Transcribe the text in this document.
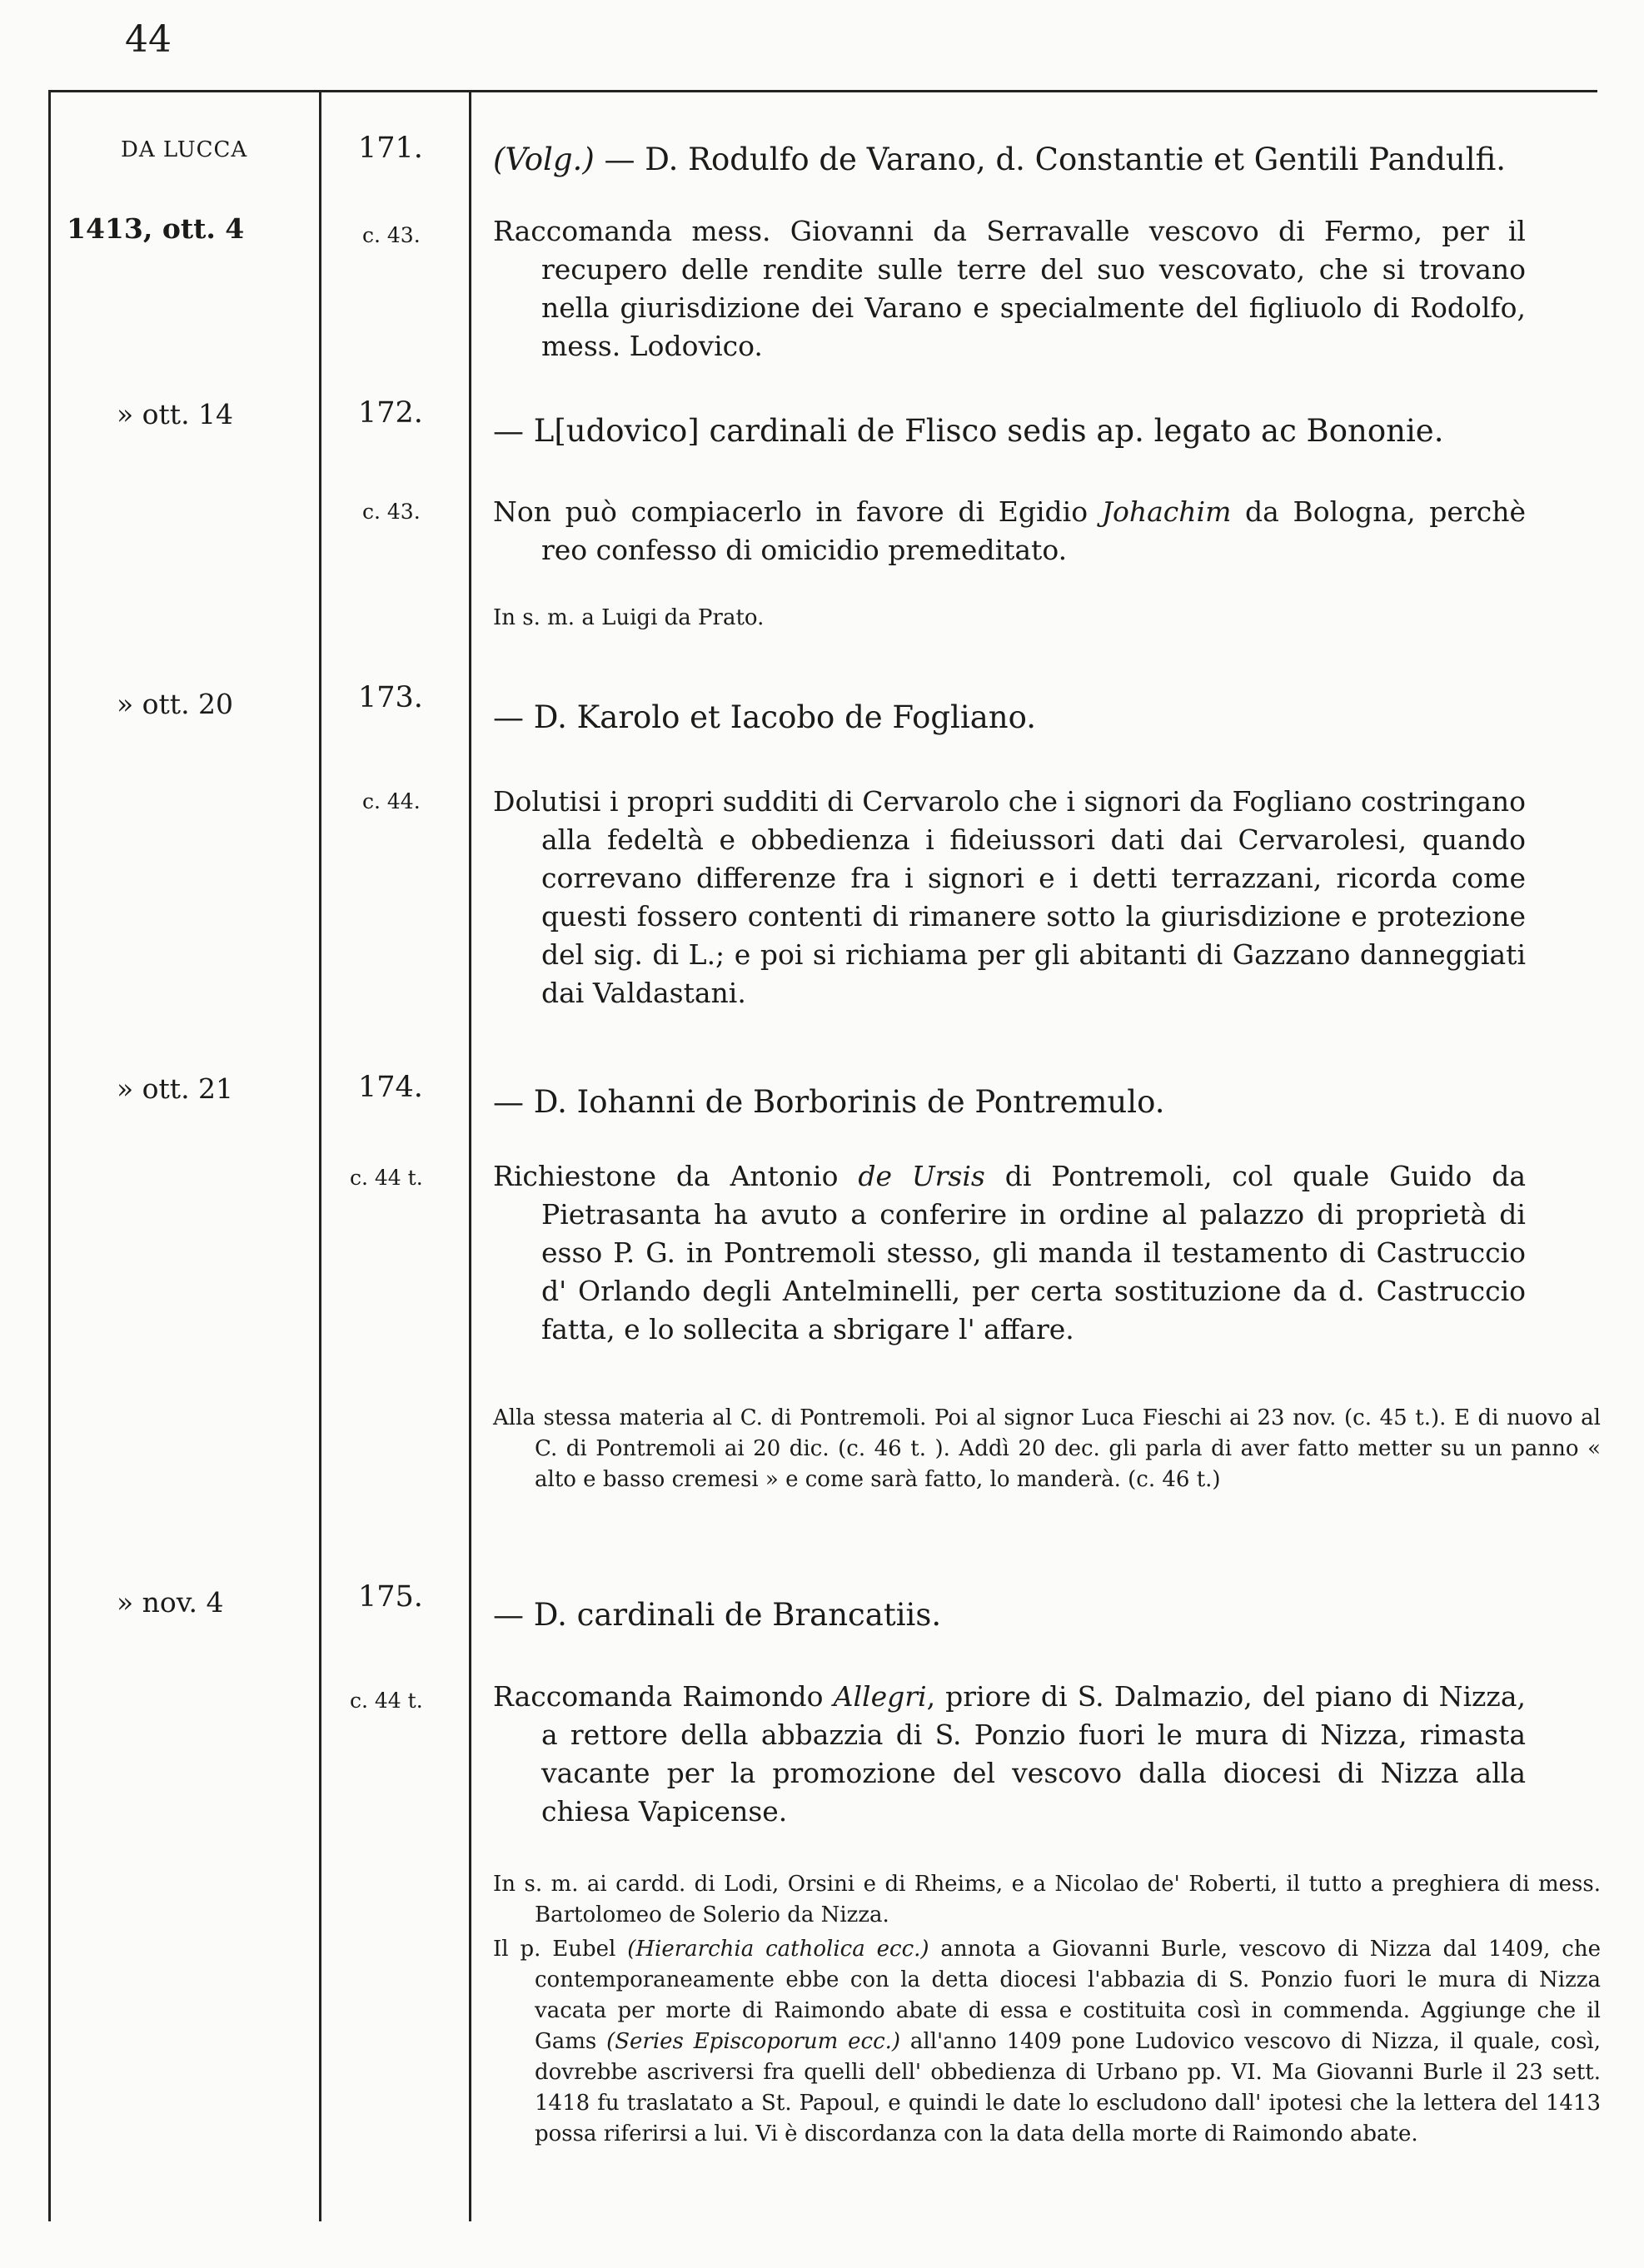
44
DA LUCCA	171. (Volg.) — D. Rodulfo de Varano, d. Constantie et Gentili Pandulfi.
1413, ott. 4	c. 43.	Raccomanda mess. Giovanni da Serravalle vescovo di Fermo, per il recupero delle rendite sulle terre del suo vescovato, che si trovano nella giurisdizione dei Varano e specialmente del figliuolo di Rodolfo, mess. Lodovico.

» ott. 14	172. — L[udovico] cardinali de Flisco sedis ap. legato ac Bononie.
c. 43.	Non può compiacerlo in favore di Egidio Johachim da Bologna, perchè reo confesso di omicidio premeditato.

In s. m. a Luigi da Prato.

» ott. 20	173.
— D. Karolo et Iacobo de Fogliano.
c. 44.	Dolutisi i propri sudditi di Cervarolo che i signori da Fogliano costringano alla fedeltà e obbedienza i fideiussori dati dai Cervarolesi, quando correvano differenze fra i signori e i detti terrazzani, ricorda come questi fossero contenti di rimanere sotto la giurisdizione e protezione del sig. di L.; e poi si richiama per gli abitanti di Gazzano danneggiati dai Valdastani.

» ott. 21	174. — D. Iohanni de Borborinis de Pontremulo.
c. 44 t.	Richiestone da Antonio de Ursis di Pontremoli, col quale Guido da Pietrasanta ha avuto a conferire in ordine al palazzo di proprietà di esso P. G. in Pontremoli stesso, gli manda il testamento di Castruccio d' Orlando degli Antelminelli, per certa sostituzione da d. Castruccio fatta, e lo sollecita a sbrigare l' affare.

Alla stessa materia al C. di Pontremoli. Poi al signor Luca Fieschi ai 23 nov. (c. 45 t.). E di nuovo al C. di Pontremoli ai 20 dic. (c. 46 t. ). Addì 20 dec. gli parla di aver fatto metter su un panno « alto e basso cremesi » e come sarà fatto, lo manderà. (c. 46 t.)

» nov. 4	175. — D. cardinali de Brancatiis.
c. 44 t.	Raccomanda Raimondo Allegri, priore di S. Dalmazio, del piano di Nizza, a rettore della abbazzia di S. Ponzio fuori le mura di Nizza, rimasta vacante per la promozione del vescovo dalla diocesi di Nizza alla chiesa Vapicense.

In s. m. ai cardd. di Lodi, Orsini e di Rheims, e a Nicolao de' Roberti, il tutto a preghiera di mess. Bartolomeo de Solerio da Nizza.

Il p. Eubel (Hierarchia catholica ecc.) annota a Giovanni Burle, vescovo di Nizza dal 1409, che contemporaneamente ebbe con la detta diocesi l'abbazia di S. Ponzio fuori le mura di Nizza vacata per morte di Raimondo abate di essa e costituita così in commenda. Aggiunge che il Gams (Series Episcoporum ecc.) all'anno 1409 pone Ludovico vescovo di Nizza, il quale, così, dovrebbe ascriversi fra quelli dell' obbedienza di Urbano pp. VI. Ma Giovanni Burle il 23 sett. 1418 fu traslatato a St. Papoul, e quindi le date lo escludono dall' ipotesi che la lettera del 1413 possa riferirsi a lui. Vi è discordanza con la data della morte di Raimondo abate.
